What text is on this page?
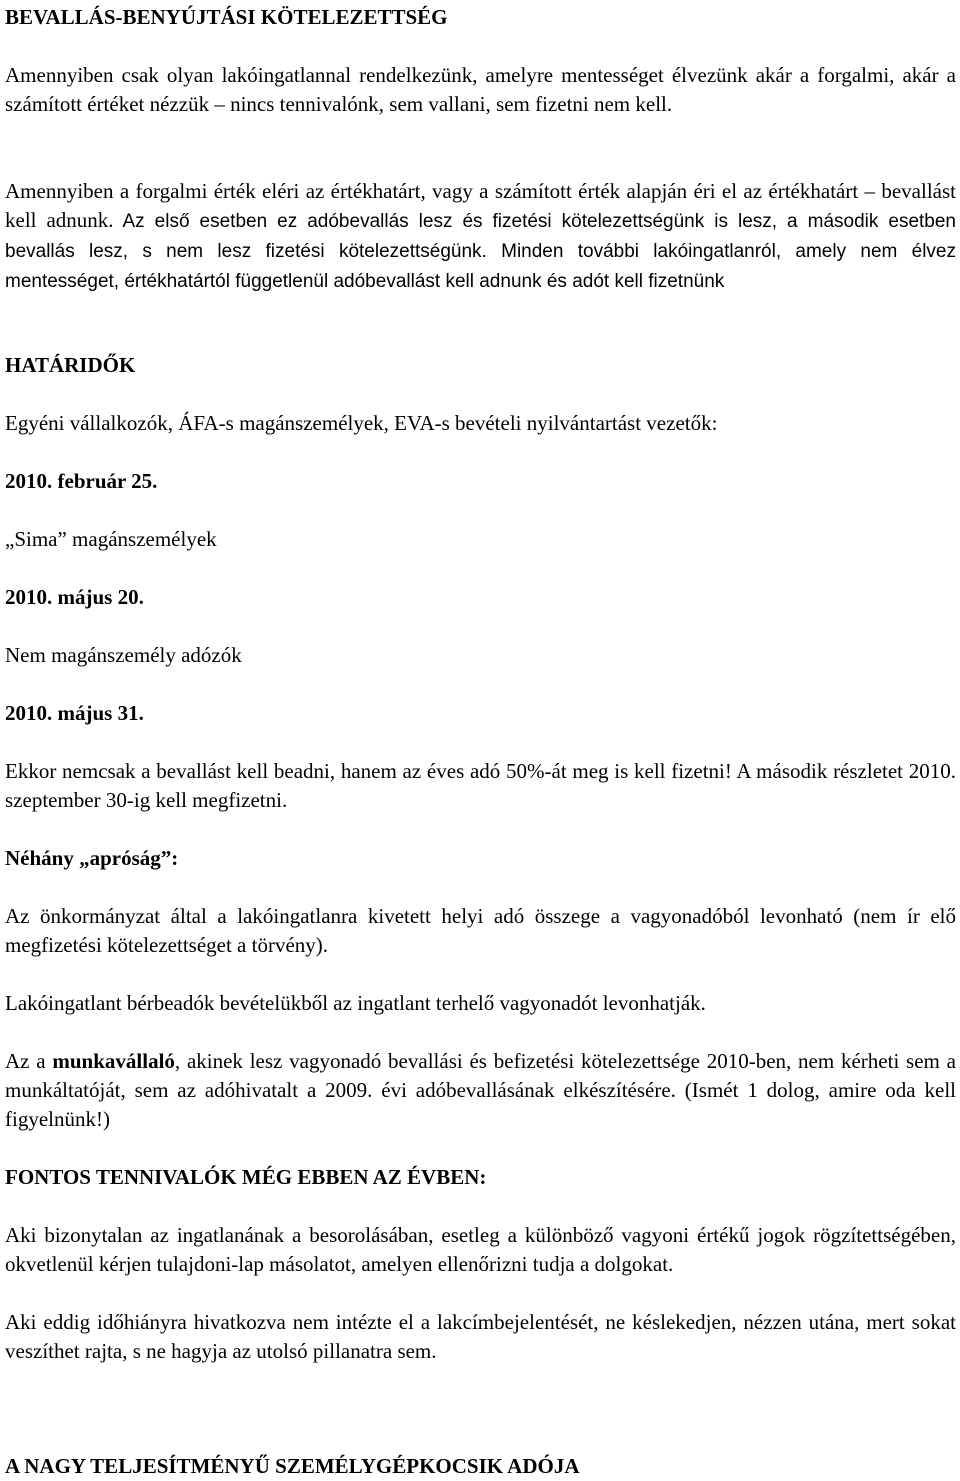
BEVALLÁS-BENYÚJTÁSI KÖTELEZETTSÉG

Amennyiben csak olyan lakóingatlannal rendelkezünk, amelyre mentességet élvezünk akár a forgalmi, akár a számított értéket nézzük – nincs tennivalónk, sem vallani, sem fizetni nem kell.

Amennyiben a forgalmi érték eléri az értékhatárt, vagy a számított érték alapján éri el az értékhatárt – bevallást kell adnunk. Az első esetben ez adóbevallás lesz és fizetési kötelezettségünk is lesz, a második esetben bevallás lesz, s nem lesz fizetési kötelezettségünk. Minden további lakóingatlanról, amely nem élvez mentességet, értékhatártól függetlenül adóbevallást kell adnunk és adót kell fizetnünk

HATÁRIDŐK

Egyéni vállalkozók, ÁFA-s magánszemélyek, EVA-s bevételi nyilvántartást vezetők:

2010. február 25.

„Sima” magánszemélyek

2010. május 20.

Nem magánszemély adózók

2010. május 31.

Ekkor nemcsak a bevallást kell beadni, hanem az éves adó 50%-át meg is kell fizetni! A második részletet 2010. szeptember 30-ig kell megfizetni.

Néhány „apróság”:

Az önkormányzat által a lakóingatlanra kivetett helyi adó összege a vagyonadóból levonható (nem ír elő megfizetési kötelezettséget a törvény).

Lakóingatlant bérbeadók bevételükből az ingatlant terhelő vagyonadót levonhatják.

Az a munkavállaló, akinek lesz vagyonadó bevallási és befizetési kötelezettsége 2010-ben, nem kérheti sem a munkáltatóját, sem az adóhivatalt a 2009. évi adóbevallásának elkészítésére. (Ismét 1 dolog, amire oda kell figyelnünk!)

FONTOS TENNIVALÓK MÉG EBBEN AZ ÉVBEN:

Aki bizonytalan az ingatlanának a besorolásában, esetleg a különböző vagyoni értékű jogok rögzítettségében, okvetlenül kérjen tulajdoni-lap másolatot, amelyen ellenőrizni tudja a dolgokat.

Aki eddig időhiányra hivatkozva nem intézte el a lakcímbejelentését, ne késlekedjen, nézzen utána, mert sokat veszíthet rajta, s ne hagyja az utolsó pillanatra sem.

A NAGY TELJESÍTMÉNYŰ SZEMÉLYGÉPKOCSIK ADÓJA
